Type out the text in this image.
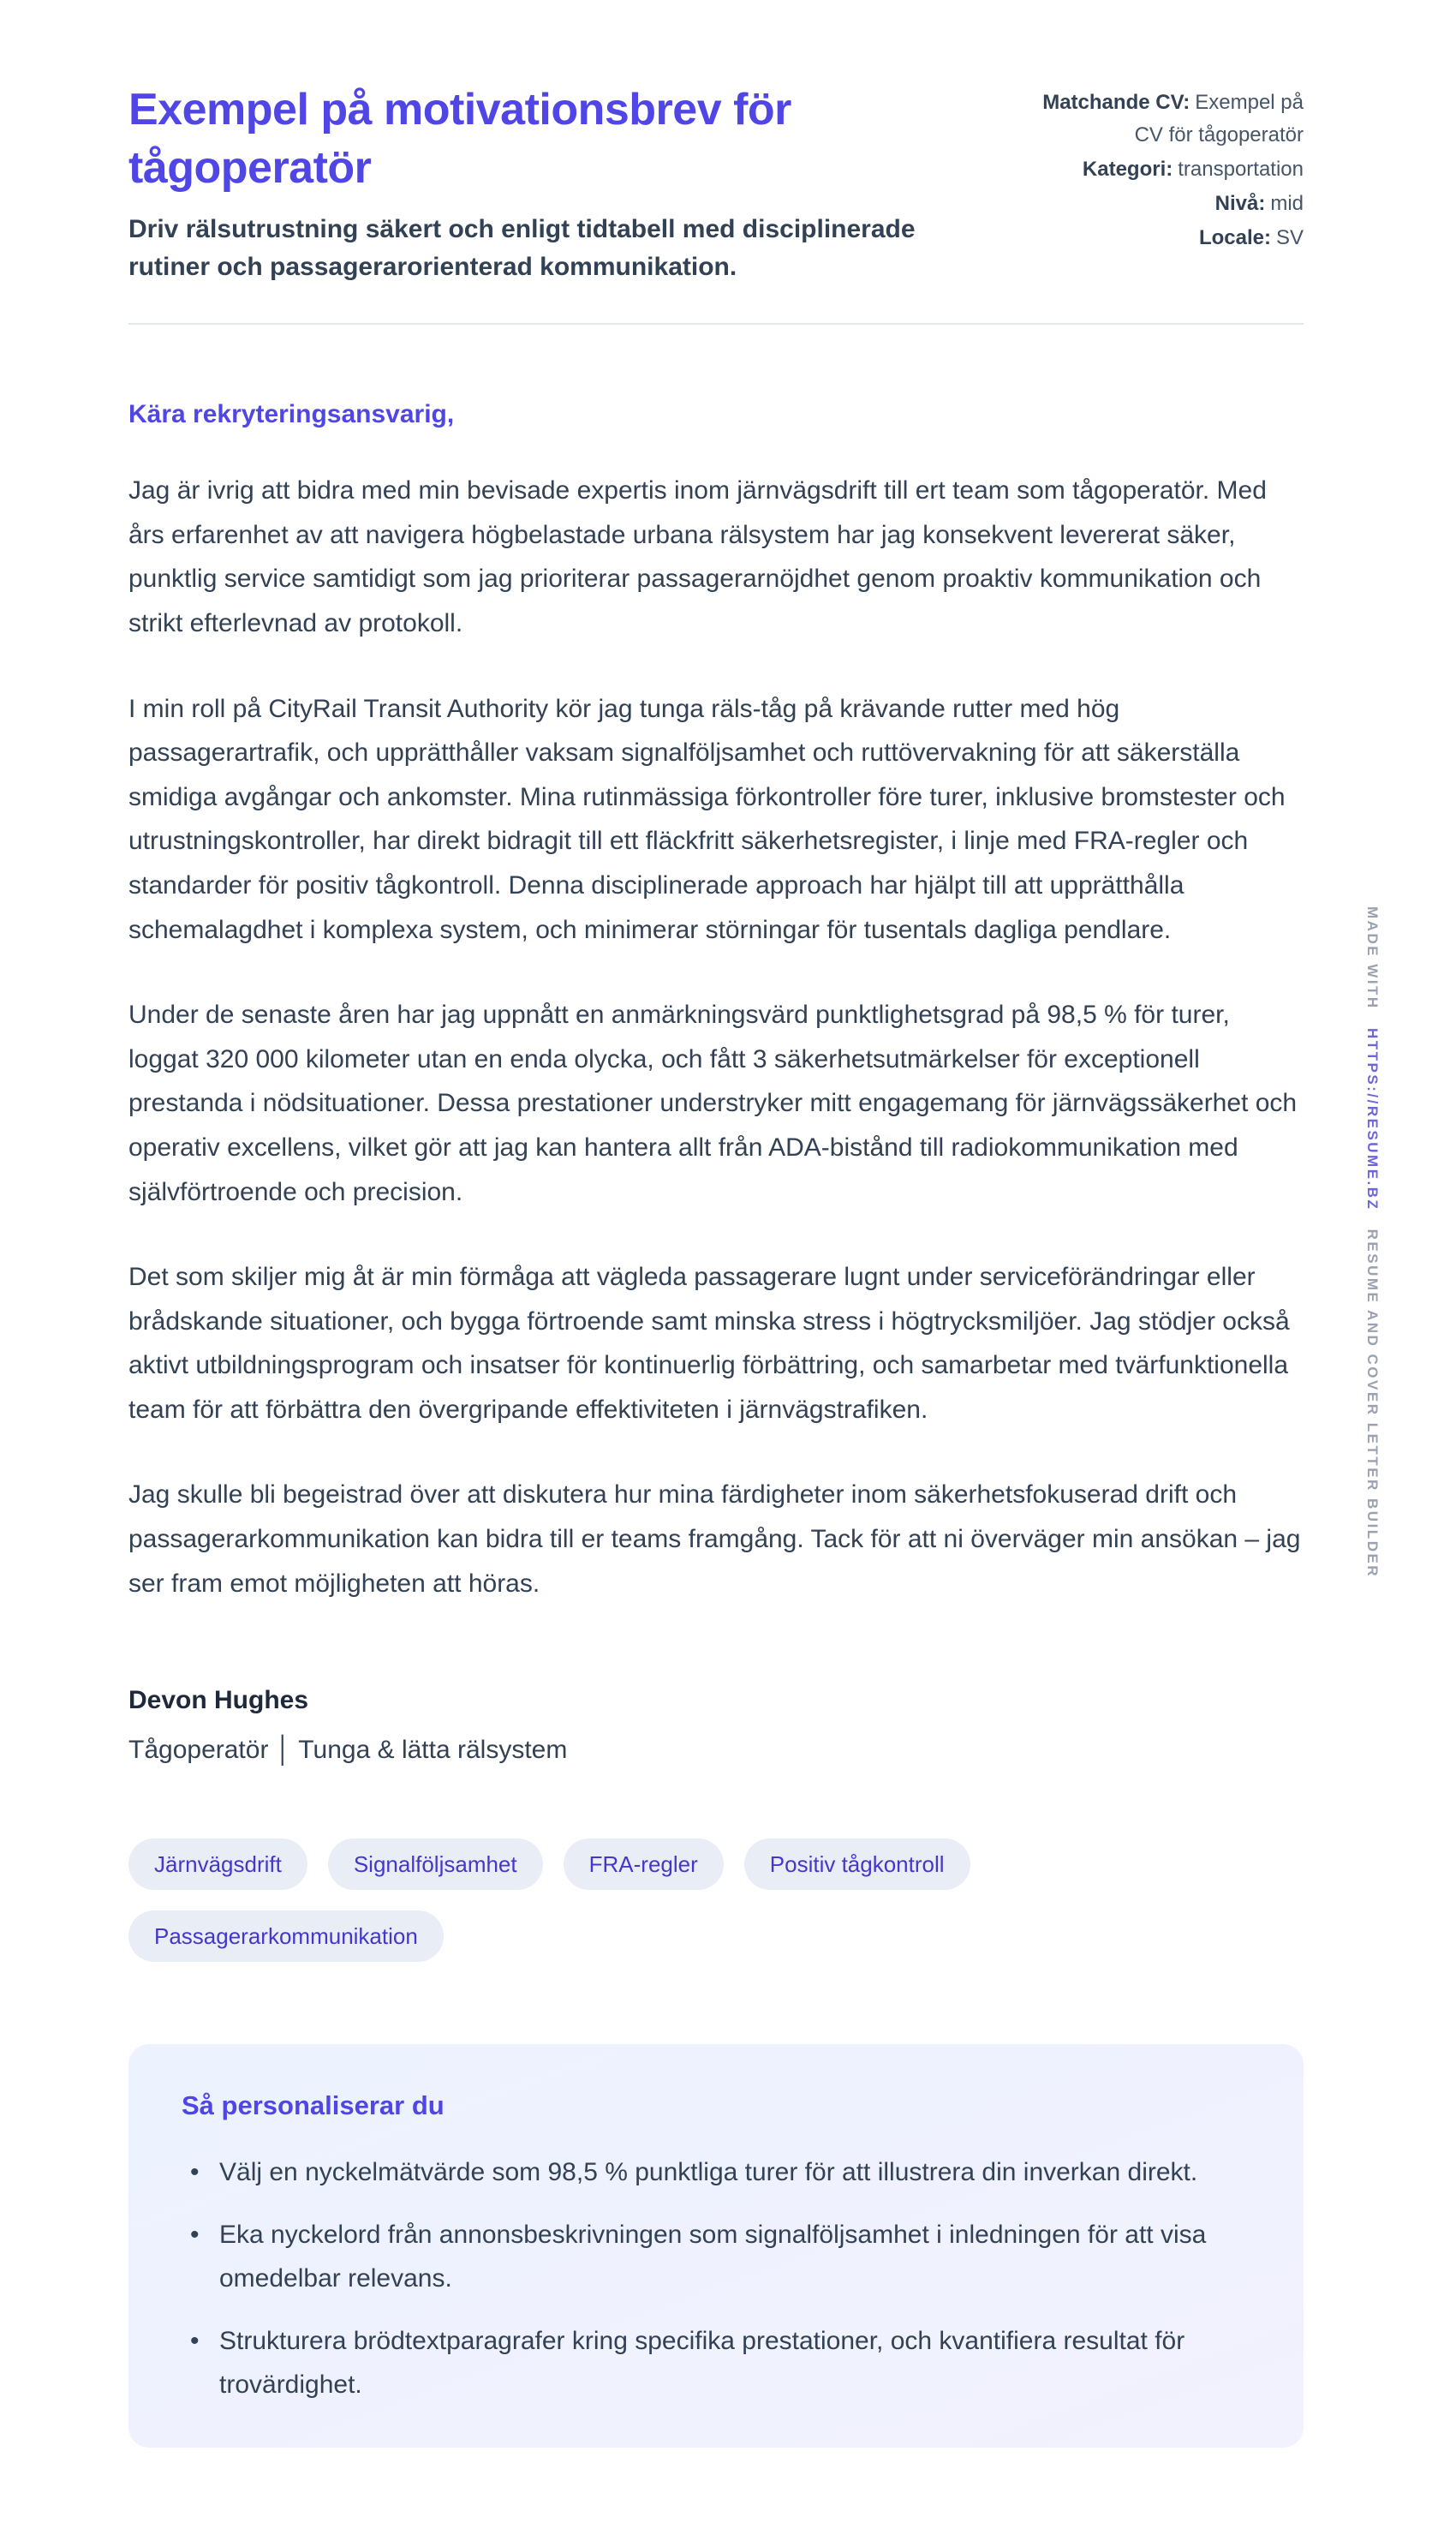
Exempel på motivationsbrev för tågoperatör

Driv rälsutrustning säkert och enligt tidtabell med disciplinerade rutiner och passagerarorienterad kommunikation.

Matchande CV: Exempel på CV för tågoperatör
Kategori: transportation
Nivå: mid
Locale: SV

Kära rekryteringsansvarig,

Jag är ivrig att bidra med min bevisade expertis inom järnvägsdrift till ert team som tågoperatör. Med års erfarenhet av att navigera högbelastade urbana rälsystem har jag konsekvent levererat säker, punktlig service samtidigt som jag prioriterar passagerarnöjdhet genom proaktiv kommunikation och strikt efterlevnad av protokoll.

I min roll på CityRail Transit Authority kör jag tunga räls-tåg på krävande rutter med hög passagerartrafik, och upprätthåller vaksam signalföljsamhet och ruttövervakning för att säkerställa smidiga avgångar och ankomster. Mina rutinmässiga förkontroller före turer, inklusive bromstester och utrustningskontroller, har direkt bidragit till ett fläckfritt säkerhetsregister, i linje med FRA-regler och standarder för positiv tågkontroll. Denna disciplinerade approach har hjälpt till att upprätthålla schemalagdhet i komplexa system, och minimerar störningar för tusentals dagliga pendlare.

Under de senaste åren har jag uppnått en anmärkningsvärd punktlighetsgrad på 98,5 % för turer, loggat 320 000 kilometer utan en enda olycka, och fått 3 säkerhetsutmärkelser för exceptionell prestanda i nödsituationer. Dessa prestationer understryker mitt engagemang för järnvägssäkerhet och operativ excellens, vilket gör att jag kan hantera allt från ADA-bistånd till radiokommunikation med självförtroende och precision.

Det som skiljer mig åt är min förmåga att vägleda passagerare lugnt under serviceförändringar eller brådskande situationer, och bygga förtroende samt minska stress i högtrycksmiljöer. Jag stödjer också aktivt utbildningsprogram och insatser för kontinuerlig förbättring, och samarbetar med tvärfunktionella team för att förbättra den övergripande effektiviteten i järnvägstrafiken.

Jag skulle bli begeistrad över att diskutera hur mina färdigheter inom säkerhetsfokuserad drift och passagerarkommunikation kan bidra till er teams framgång. Tack för att ni överväger min ansökan – jag ser fram emot möjligheten att höras.

Devon Hughes

Tågoperatör │ Tunga & lätta rälsystem

Järnvägsdrift	Signalföljsamhet	FRA-regler	Positiv tågkontroll
Passagerarkommunikation
Så personaliserar du
• Välj en nyckelmätvärde som 98,5 % punktliga turer för att illustrera din inverkan direkt.
• Eka nyckelord från annonsbeskrivningen som signalföljsamhet i inledningen för att visa omedelbar relevans.
• Strukturera brödtextparagrafer kring specifika prestationer, och kvantifiera resultat för trovärdighet.
MADE WITH HTTPS://RESUME.BZ RESUME AND COVER LETTER BUILDER
